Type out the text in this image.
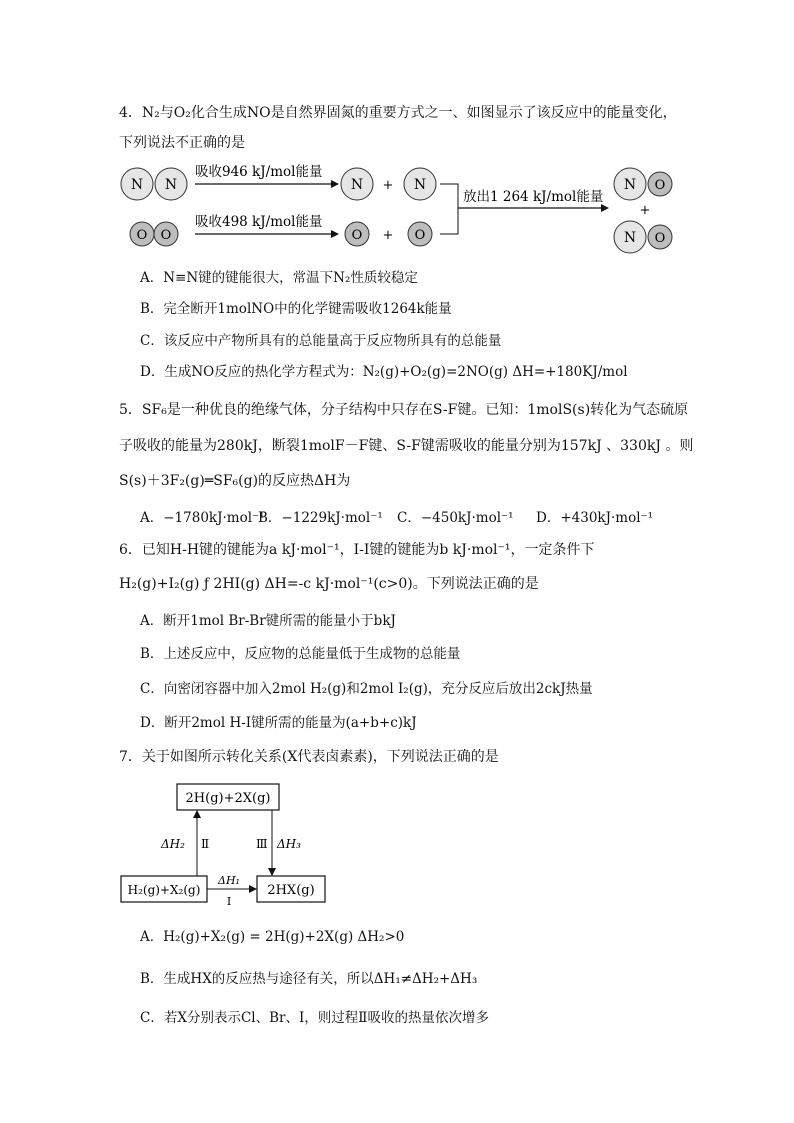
4．N₂与O₂化合生成NO是自然界固氮的重要方式之一、如图显示了该反应中的能量变化，
下列说法不正确的是
N N
吸收946 kJ/mol能量
N + N
O O
吸收498 kJ/mol能量
O + O
放出1 264 kJ/mol能量
N O
+
N O
A．N≡N键的键能很大，常温下N₂性质较稳定
B．完全断开1molNO中的化学键需吸收1264k能量
C．该反应中产物所具有的总能量高于反应物所具有的总能量
D．生成NO反应的热化学方程式为：N₂(g)+O₂(g)=2NO(g) ΔH=+180KJ/mol
5．SF₆是一种优良的绝缘气体，分子结构中只存在S-F键。已知：1molS(s)转化为气态硫原
子吸收的能量为280kJ，断裂1molF－F键、S-F键需吸收的能量分别为157kJ 、330kJ 。则
S(s)＋3F₂(g)═SF₆(g)的反应热ΔH为
A．−1780kJ·mol⁻¹
B．−1229kJ·mol⁻¹ C．−450kJ·mol⁻¹ D．+430kJ·mol⁻¹
6．已知H-H键的键能为a kJ·mol⁻¹，I-I键的键能为b kJ·mol⁻¹，一定条件下
H₂(g)+I₂(g) ƒ 2HI(g) ΔH=-c kJ·mol⁻¹(c>0)。下列说法正确的是
A．断开1mol Br-Br键所需的能量小于bkJ
B．上述反应中，反应物的总能量低于生成物的总能量
C．向密闭容器中加入2mol H₂(g)和2mol I₂(g)，充分反应后放出2ckJ热量
D．断开2mol H-I键所需的能量为(a+b+c)kJ
7．关于如图所示转化关系(X代表卤素素)，下列说法正确的是
2H(g)+2X(g)
H₂(g)+X₂(g)	2HX(g)
ΔH₂ Ⅱ	Ⅲ ΔH₃
ΔH₁
Ⅰ
A．H₂(g)+X₂(g) = 2H(g)+2X(g) ΔH₂>0
B．生成HX的反应热与途径有关，所以ΔH₁≠ΔH₂+ΔH₃
C．若X分别表示Cl、Br、I，则过程Ⅱ吸收的热量依次增多
